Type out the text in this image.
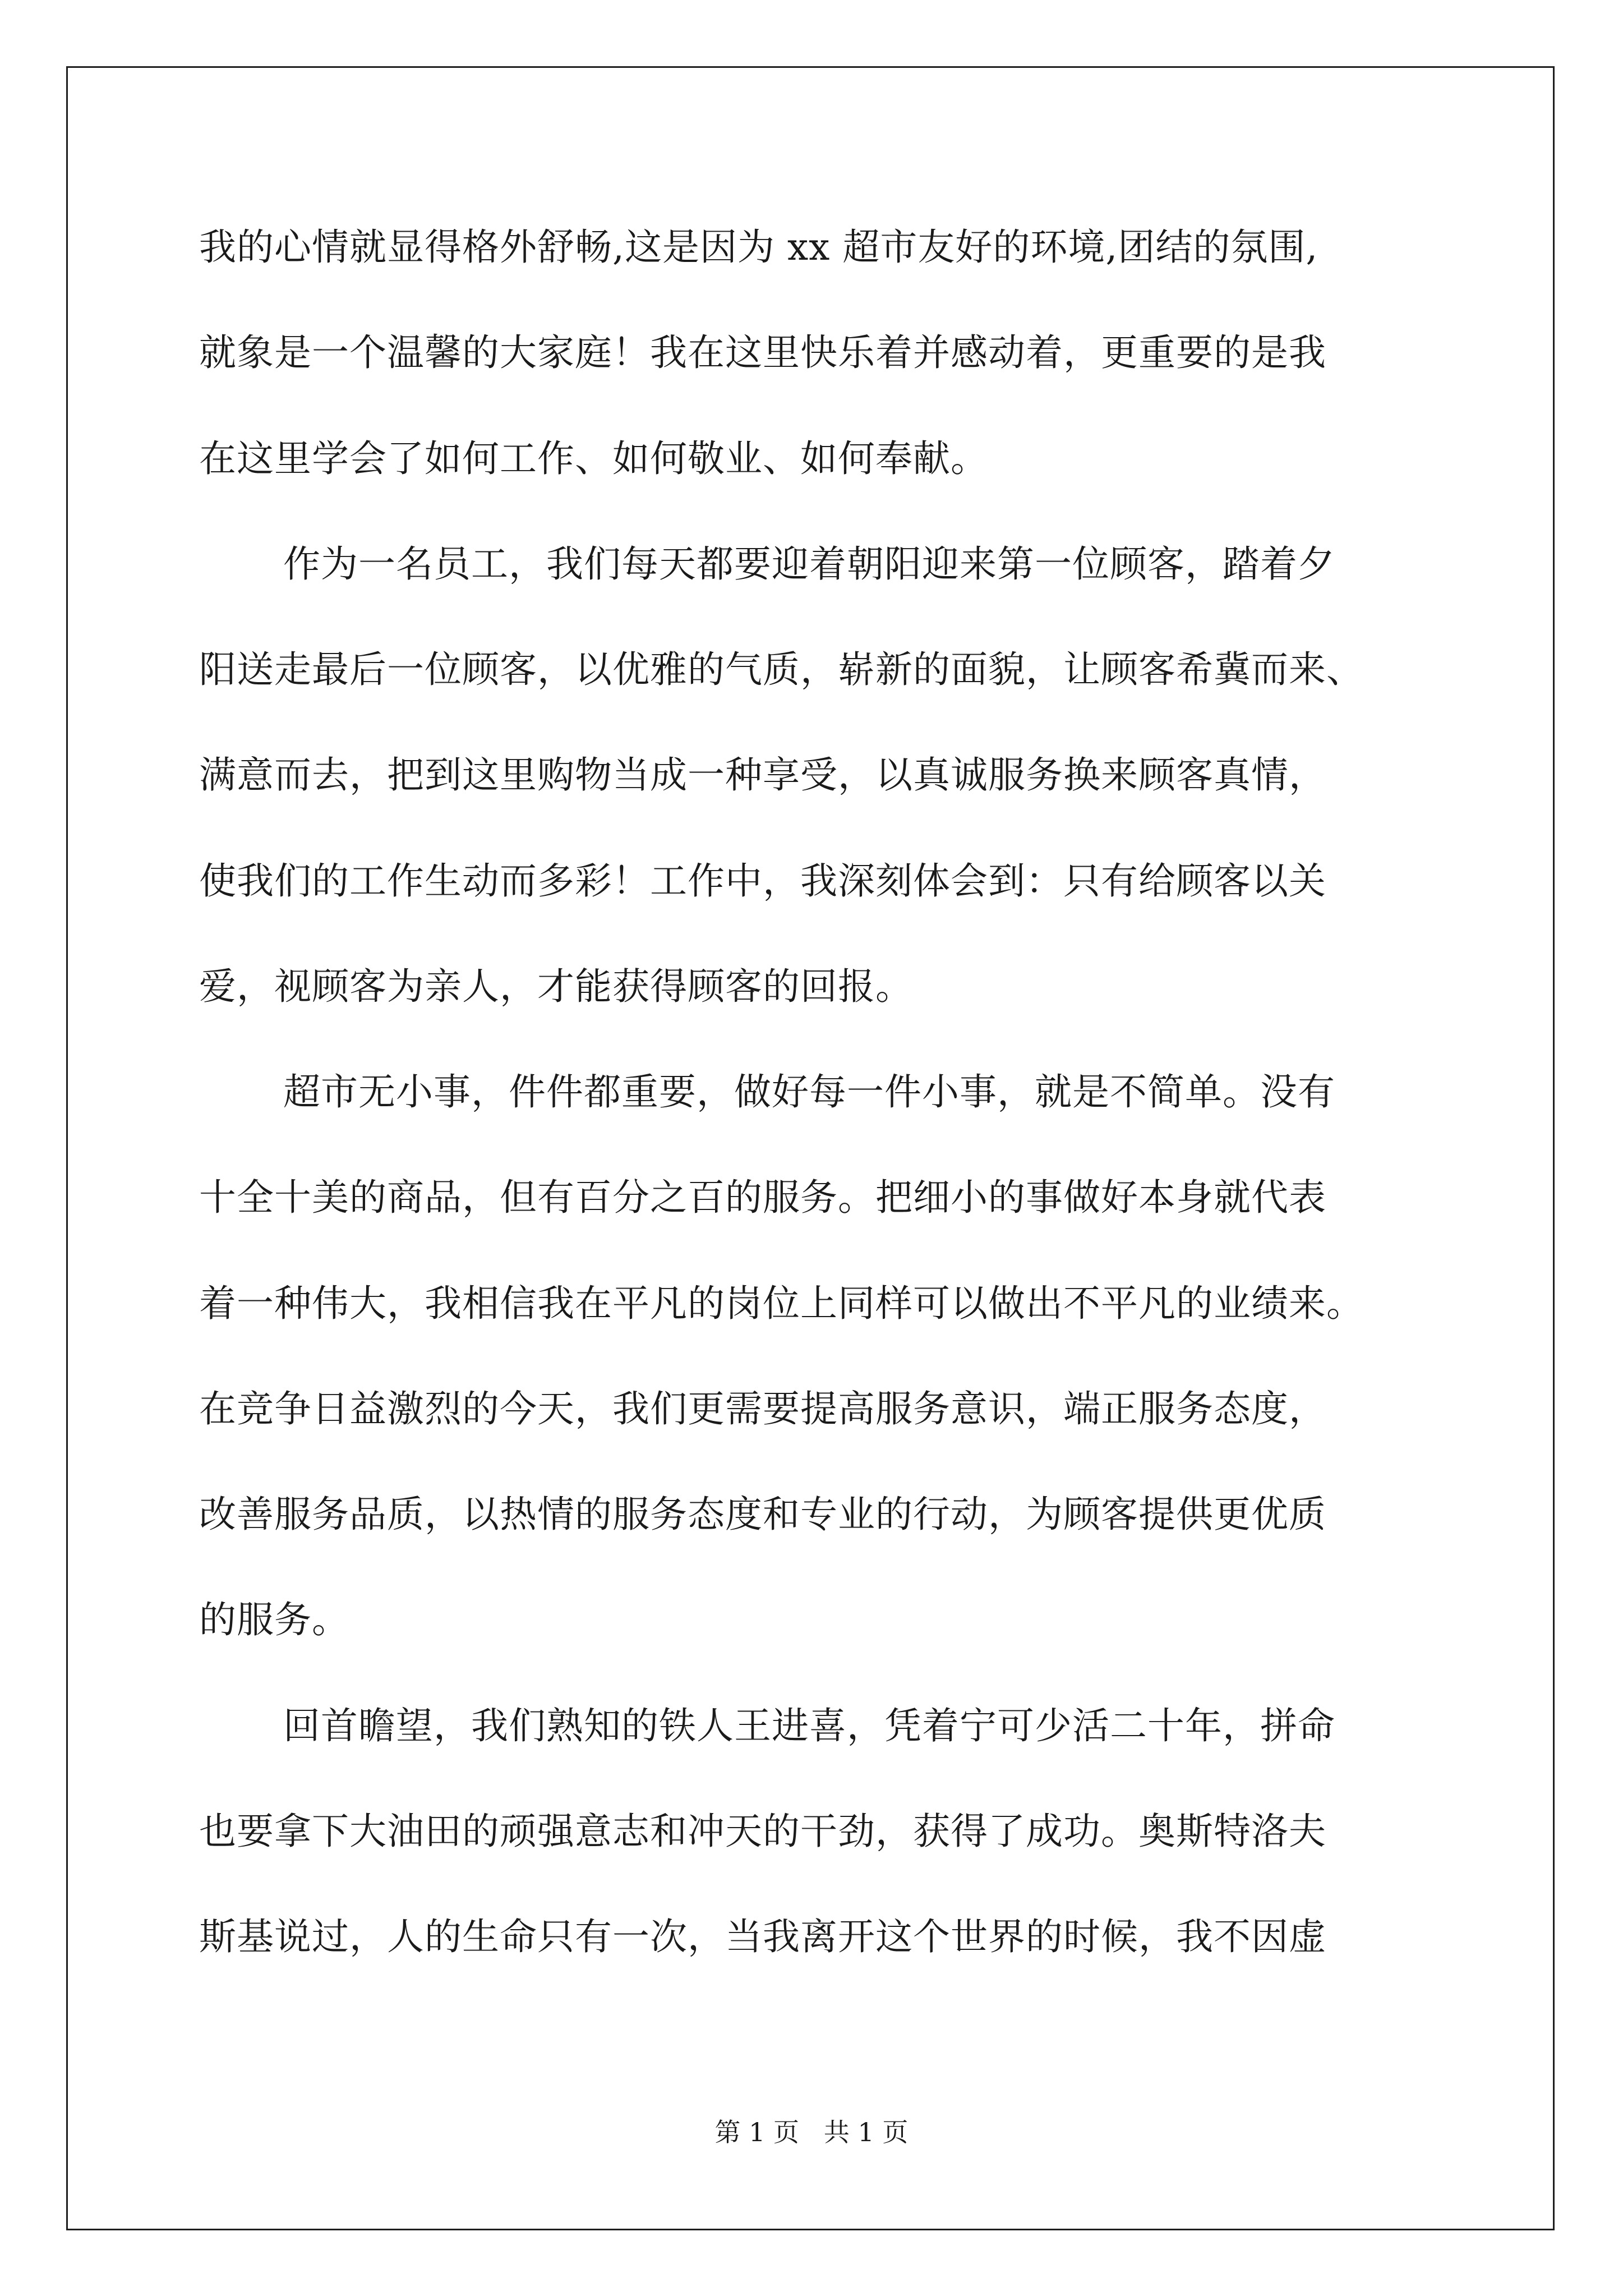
我的心情就显得格外舒畅,这是因为 xx 超市友好的环境,团结的氛围,
就象是一个温馨的大家庭！我在这里快乐着并感动着，更重要的是我
在这里学会了如何工作、如何敬业、如何奉献。
作为一名员工，我们每天都要迎着朝阳迎来第一位顾客，踏着夕
阳送走最后一位顾客，以优雅的气质，崭新的面貌，让顾客希冀而来、
满意而去，把到这里购物当成一种享受，以真诚服务换来顾客真情，
使我们的工作生动而多彩！工作中，我深刻体会到：只有给顾客以关
爱，视顾客为亲人，才能获得顾客的回报。
超市无小事，件件都重要，做好每一件小事，就是不简单。没有
十全十美的商品，但有百分之百的服务。把细小的事做好本身就代表
着一种伟大，我相信我在平凡的岗位上同样可以做出不平凡的业绩来。
在竞争日益激烈的今天，我们更需要提高服务意识，端正服务态度，
改善服务品质，以热情的服务态度和专业的行动，为顾客提供更优质
的服务。
回首瞻望，我们熟知的铁人王进喜，凭着宁可少活二十年，拼命
也要拿下大油田的顽强意志和冲天的干劲，获得了成功。奥斯特洛夫
斯基说过，人的生命只有一次，当我离开这个世界的时候，我不因虚
第 1 页   共 1 页
